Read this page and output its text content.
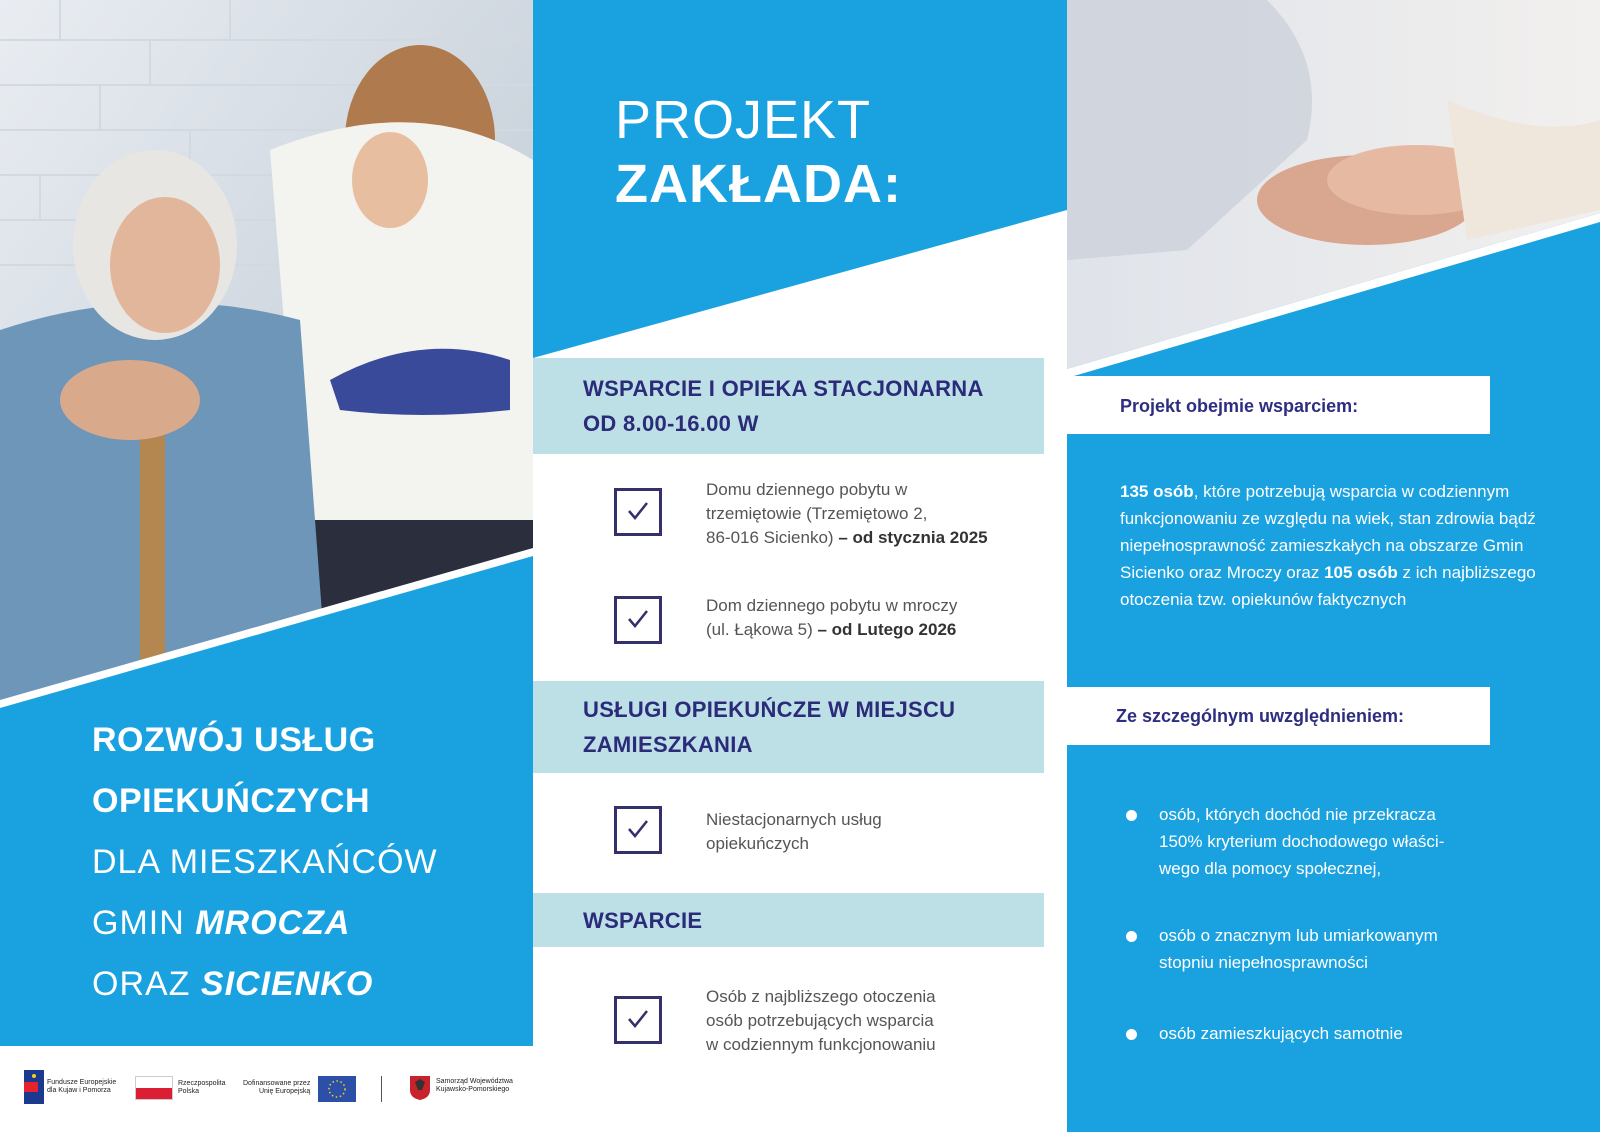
ROZWÓJ USŁUG
OPIEKUŃCZYCH
DLA MIESZKAŃCÓW
GMIN MROCZA
ORAZ SICIENKO
Fundusze Europejskie
dla Kujaw i Pomorza
Rzeczpospolita
Polska
Dofinansowane przez
Unię Europejską
Samorząd Województwa
Kujawsko-Pomorskiego
PROJEKT
ZAKŁADA:
WSPARCIE I OPIEKA STACJONARNA
OD 8.00-16.00 W
Domu dziennego pobytu w
trzemiętowie (Trzemiętowo 2,
86-016 Sicienko) – od stycznia 2025
Dom dziennego pobytu w mroczy
(ul. Łąkowa 5) – od Lutego 2026
USŁUGI OPIEKUŃCZE W MIEJSCU
ZAMIESZKANIA
Niestacjonarnych usług
opiekuńczych
WSPARCIE
Osób z najbliższego otoczenia
osób potrzebujących wsparcia
w codziennym funkcjonowaniu
Projekt obejmie wsparciem:
135 osób, które potrzebują wsparcia w codziennym funkcjonowaniu ze względu na wiek, stan zdrowia bądź niepełnosprawność zamieszkałych na obszarze Gmin Sicienko oraz Mroczy oraz 105 osób z ich najbliższego otoczenia tzw. opiekunów faktycznych
Ze szczególnym uwzględnieniem:
osób, których dochód nie przekracza
150% kryterium dochodowego właści-
wego dla pomocy społecznej,
osób o znacznym lub umiarkowanym
stopniu niepełnosprawności
osób zamieszkujących samotnie
